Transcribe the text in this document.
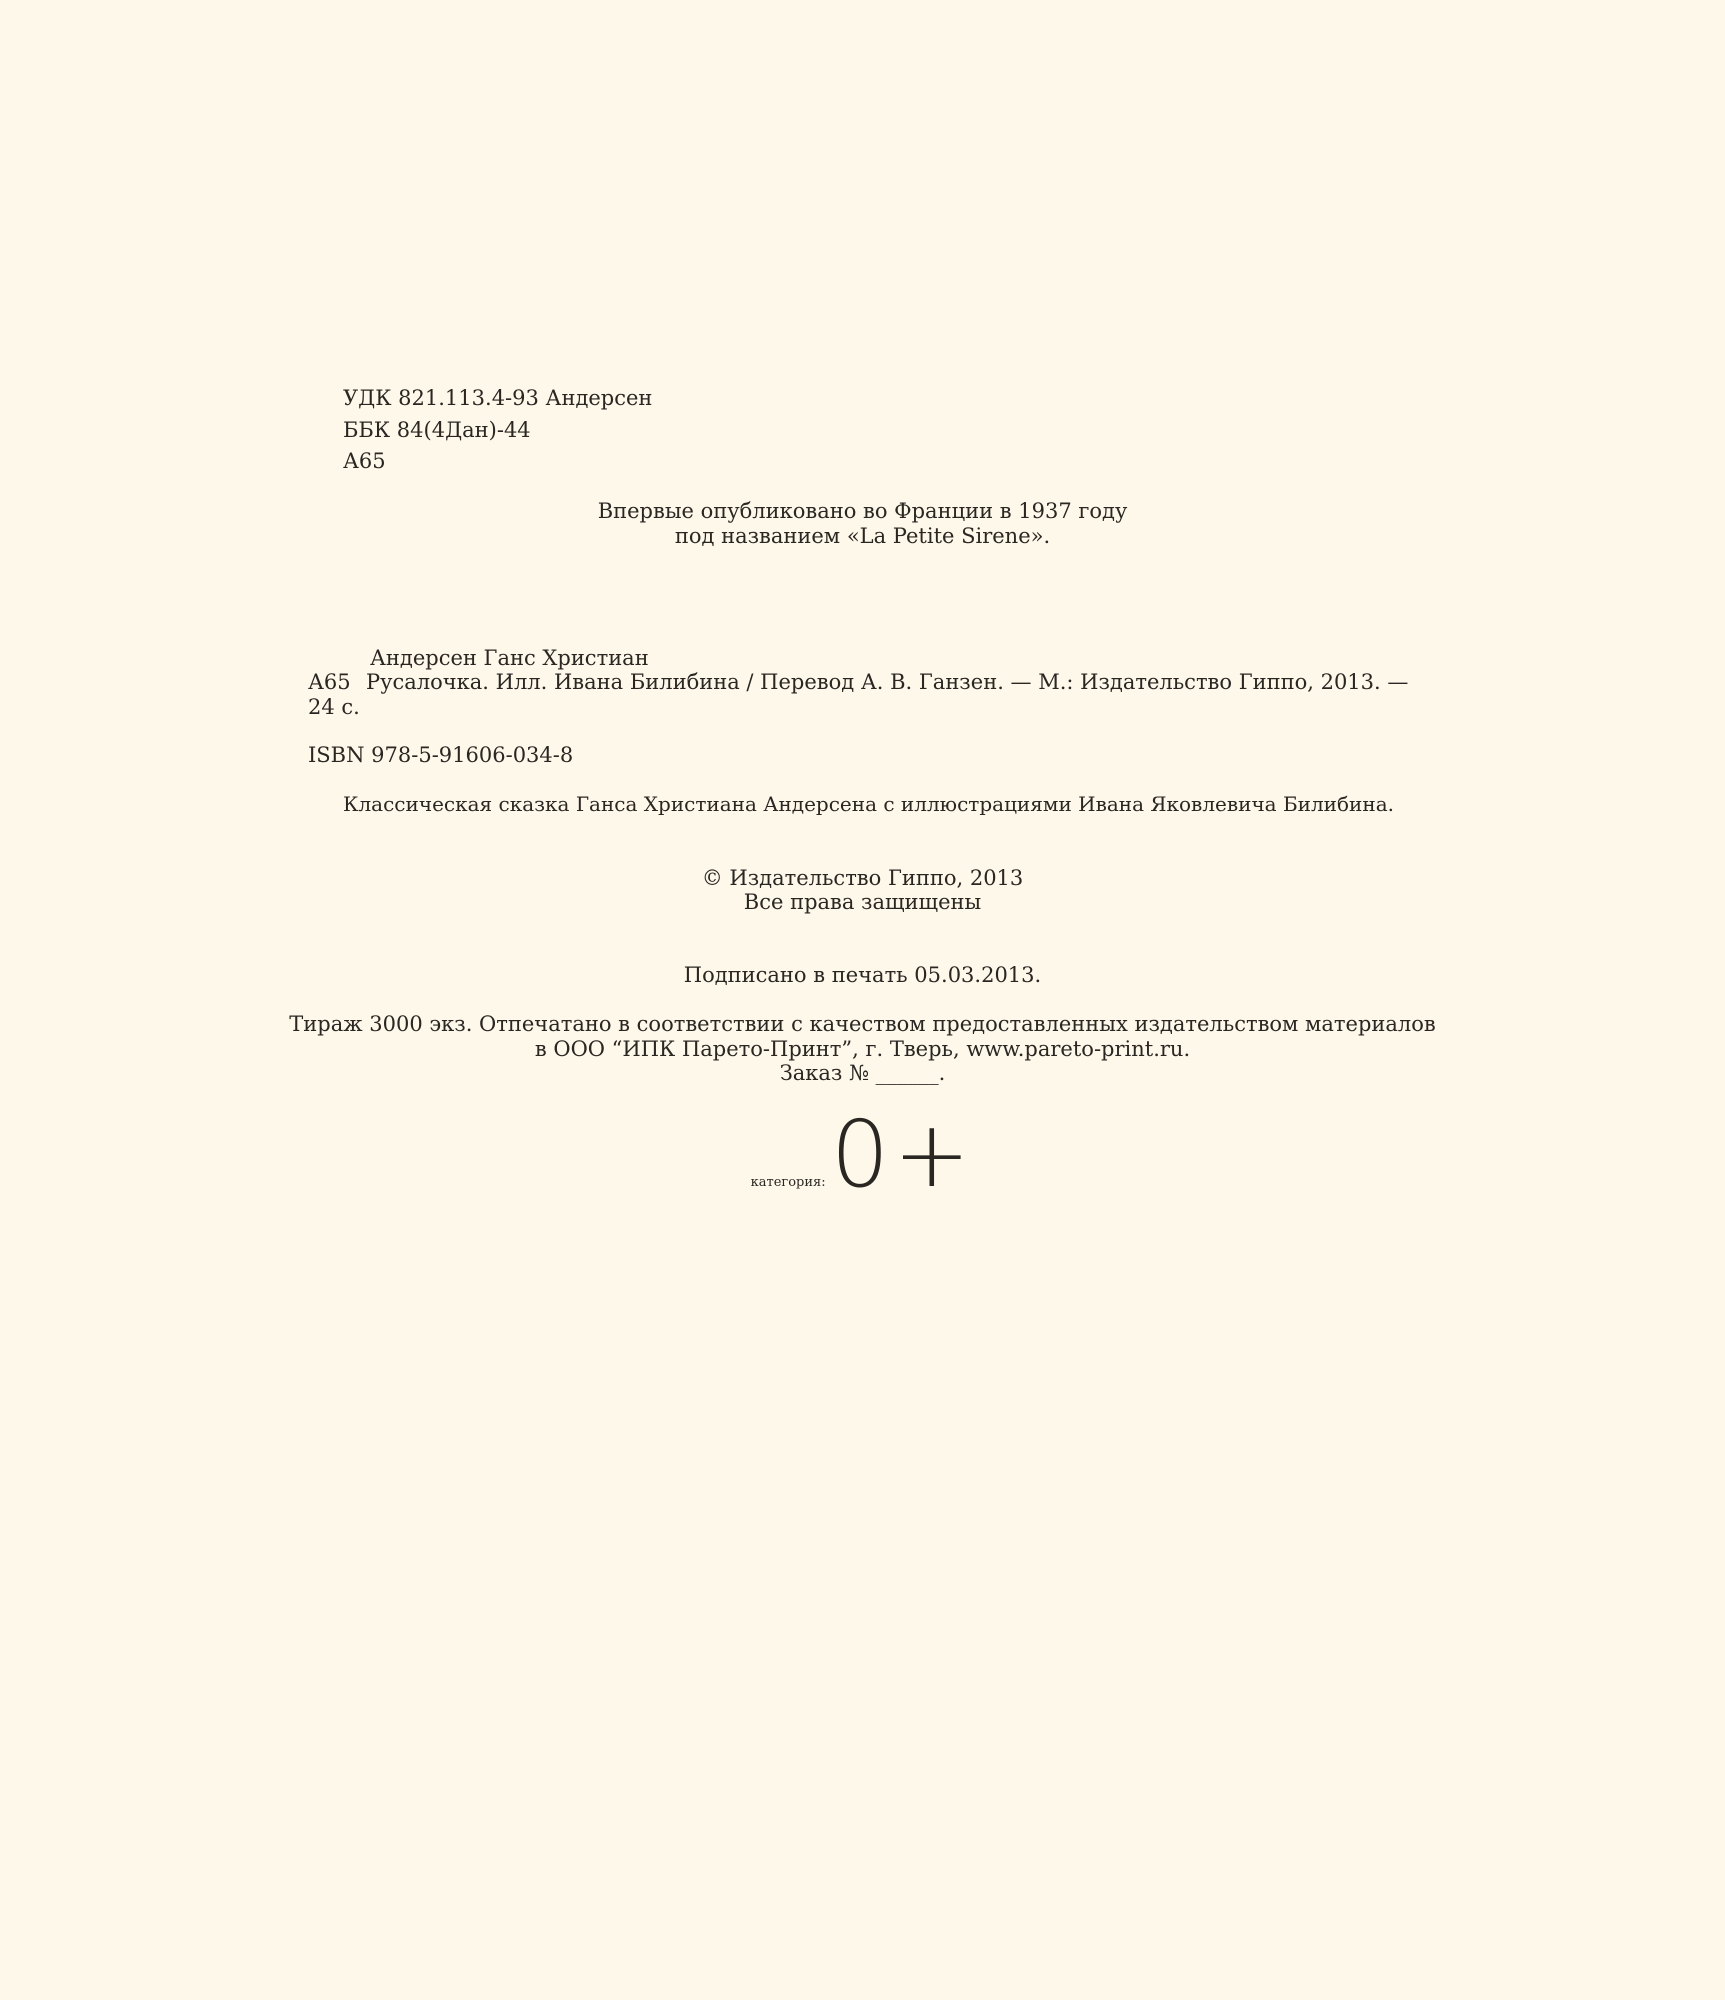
УДК 821.113.4-93 Андерсен
ББК 84(4Дан)-44
А65
Впервые опубликовано во Франции в 1937 году
под названием «La Petite Sirene».
Андерсен Ганс Христиан
А65 Русалочка. Илл. Ивана Билибина / Перевод А. В. Ганзен. — М.: Издательство Гиппо, 2013. —
24 с.
ISBN 978-5-91606-034-8
Классическая сказка Ганса Христиана Андерсена с иллюстрациями Ивана Яковлевича Билибина.
© Издательство Гиппо, 2013
Все права защищены
Подписано в печать 05.03.2013.
Тираж 3000 экз. Отпечатано в соответствии с качеством предоставленных издательством материалов
в ООО “ИПК Парето-Принт”, г. Тверь, www.pareto-print.ru.
Заказ № ______.
категория: 0+
